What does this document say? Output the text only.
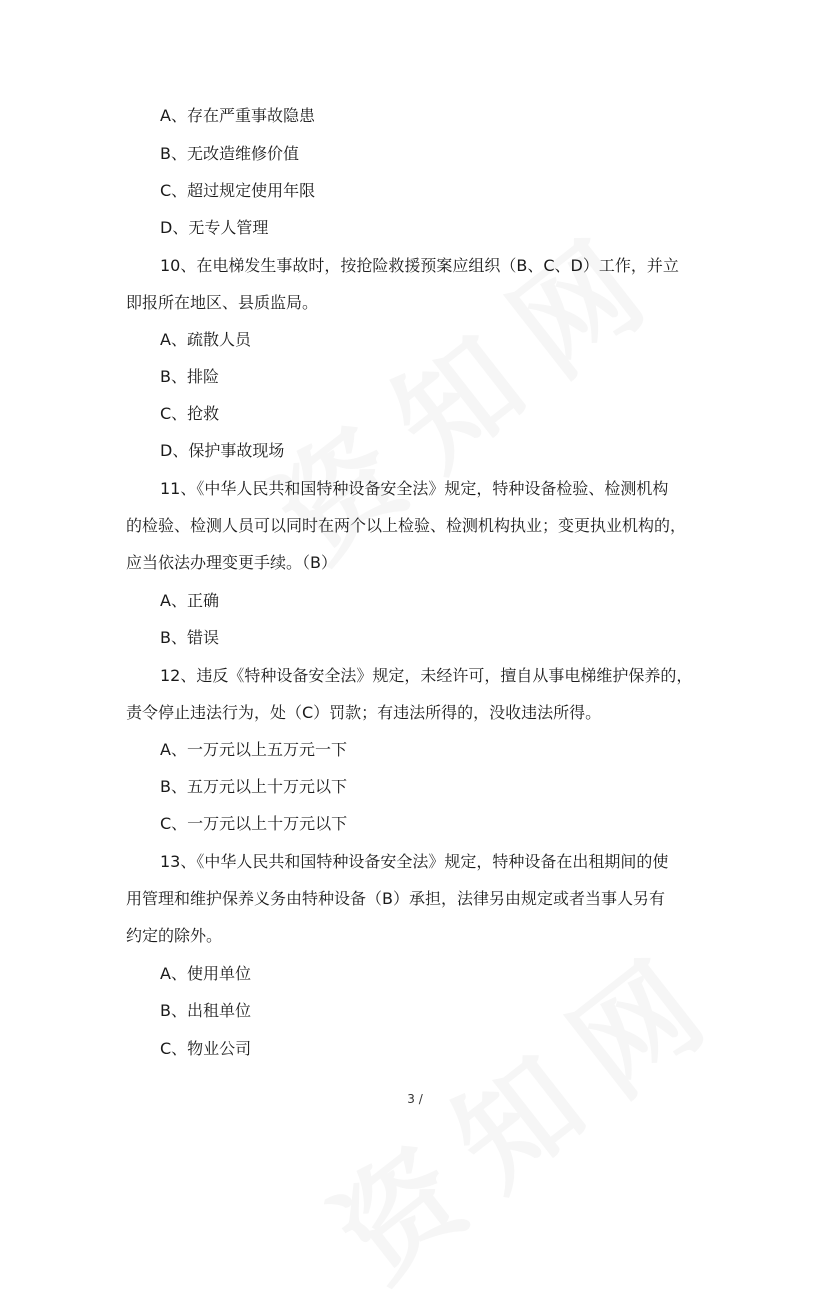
A、存在严重事故隐患
B、无改造维修价值
C、超过规定使用年限
D、无专人管理
10、在电梯发生事故时，按抢险救援预案应组织（B、C、D）工作，并立
即报所在地区、县质监局。
A、疏散人员
B、排险
C、抢救
D、保护事故现场
11、《中华人民共和国特种设备安全法》规定，特种设备检验、检测机构
的检验、检测人员可以同时在两个以上检验、检测机构执业；变更执业机构的，
应当依法办理变更手续。（B）
A、正确
B、错误
12、违反《特种设备安全法》规定，未经许可，擅自从事电梯维护保养的，
责令停止违法行为，处（C）罚款；有违法所得的，没收违法所得。
A、一万元以上五万元一下
B、五万元以上十万元以下
C、一万元以上十万元以下
13、《中华人民共和国特种设备安全法》规定，特种设备在出租期间的使
用管理和维护保养义务由特种设备（B）承担，法律另由规定或者当事人另有
约定的除外。
A、使用单位
B、出租单位
C、物业公司
3 /
